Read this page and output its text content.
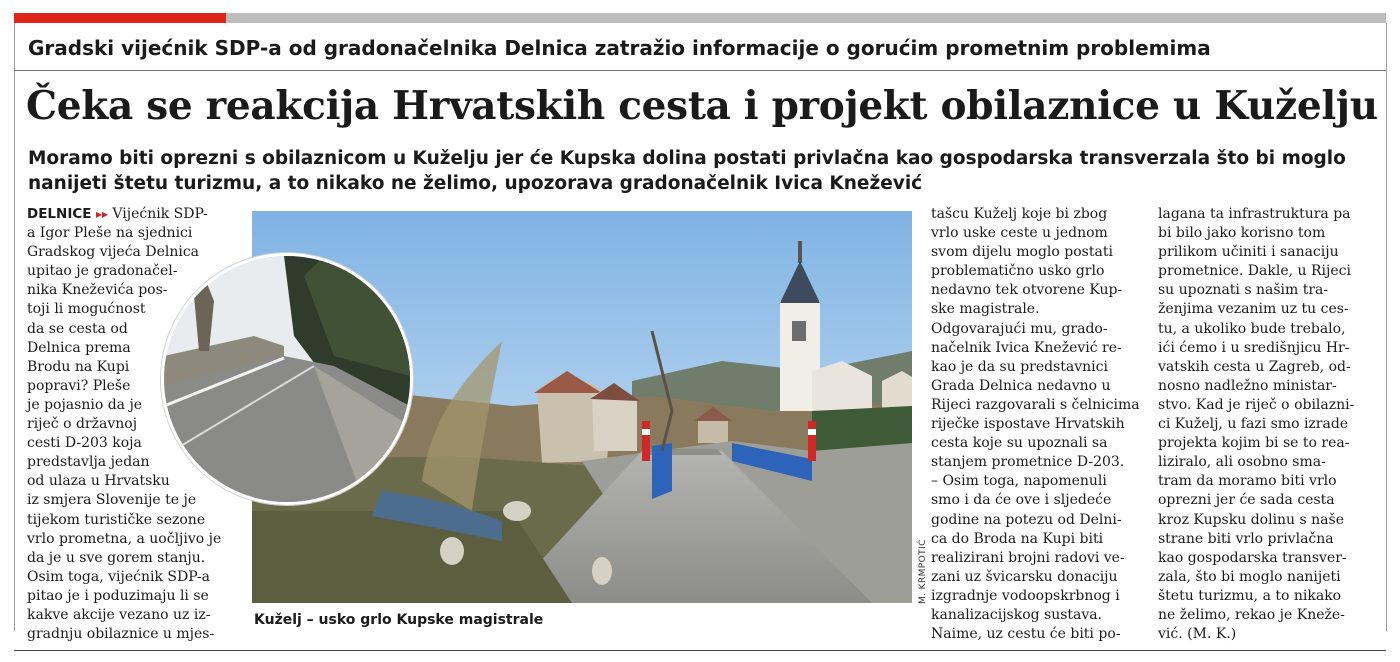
Gradski vijećnik SDP-a od gradonačelnika Delnica zatražio informacije o gorućim prometnim problemima
Čeka se reakcija Hrvatskih cesta i projekt obilaznice u Kuželju
Moramo biti oprezni s obilaznicom u Kuželju jer će Kupska dolina postati privlačna kao gospodarska transverzala što bi moglo nanijeti štetu turizmu, a to nikako ne želimo, upozorava gradonačelnik Ivica Knežević
DELNICE ▸▸ Vijećnik SDP-
a Igor Pleše na sjednici
Gradskog vijeća Delnica
upitao je gradonačel-
nika Kneževića pos-
toji li mogućnost
da se cesta od
Delnica prema
Brodu na Kupi
popravi? Pleše
je pojasnio da je
riječ o državnoj
cesti D-203 koja
predstavlja jedan
od ulaza u Hrvatsku
iz smjera Slovenije te je
tijekom turističke sezone
vrlo prometna, a uočljivo je
da je u sve gorem stanju.
Osim toga, vijećnik SDP-a
pitao je i poduzimaju li se
kakve akcije vezano uz iz-
gradnju obilaznice u mjes-
Kuželj – usko grlo Kupske magistrale
M. KRMPOTIĆ
tašcu Kuželj koje bi zbog
vrlo uske ceste u jednom
svom dijelu moglo postati
problematično usko grlo
nedavno tek otvorene Kup-
ske magistrale.
Odgovarajući mu, grado-
načelnik Ivica Knežević re-
kao je da su predstavnici
Grada Delnica nedavno u
Rijeci razgovarali s čelnicima
riječke ispostave Hrvatskih
cesta koje su upoznali sa
stanjem prometnice D-203.
– Osim toga, napomenuli
smo i da će ove i sljedeće
godine na potezu od Delni-
ca do Broda na Kupi biti
realizirani brojni radovi ve-
zani uz švicarsku donaciju
izgradnje vodoopskrbnog i
kanalizacijskog sustava.
Naime, uz cestu će biti po-
lagana ta infrastruktura pa
bi bilo jako korisno tom
prilikom učiniti i sanaciju
prometnice. Dakle, u Rijeci
su upoznati s našim tra-
ženjima vezanim uz tu ces-
tu, a ukoliko bude trebalo,
ići ćemo i u središnjicu Hr-
vatskih cesta u Zagreb, od-
nosno nadležno ministar-
stvo. Kad je riječ o obilazni-
ci Kuželj, u fazi smo izrade
projekta kojim bi se to rea-
liziralo, ali osobno sma-
tram da moramo biti vrlo
oprezni jer će sada cesta
kroz Kupsku dolinu s naše
strane biti vrlo privlačna
kao gospodarska transver-
zala, što bi moglo nanijeti
štetu turizmu, a to nikako
ne želimo, rekao je Kneže-
vić. (M. K.)
